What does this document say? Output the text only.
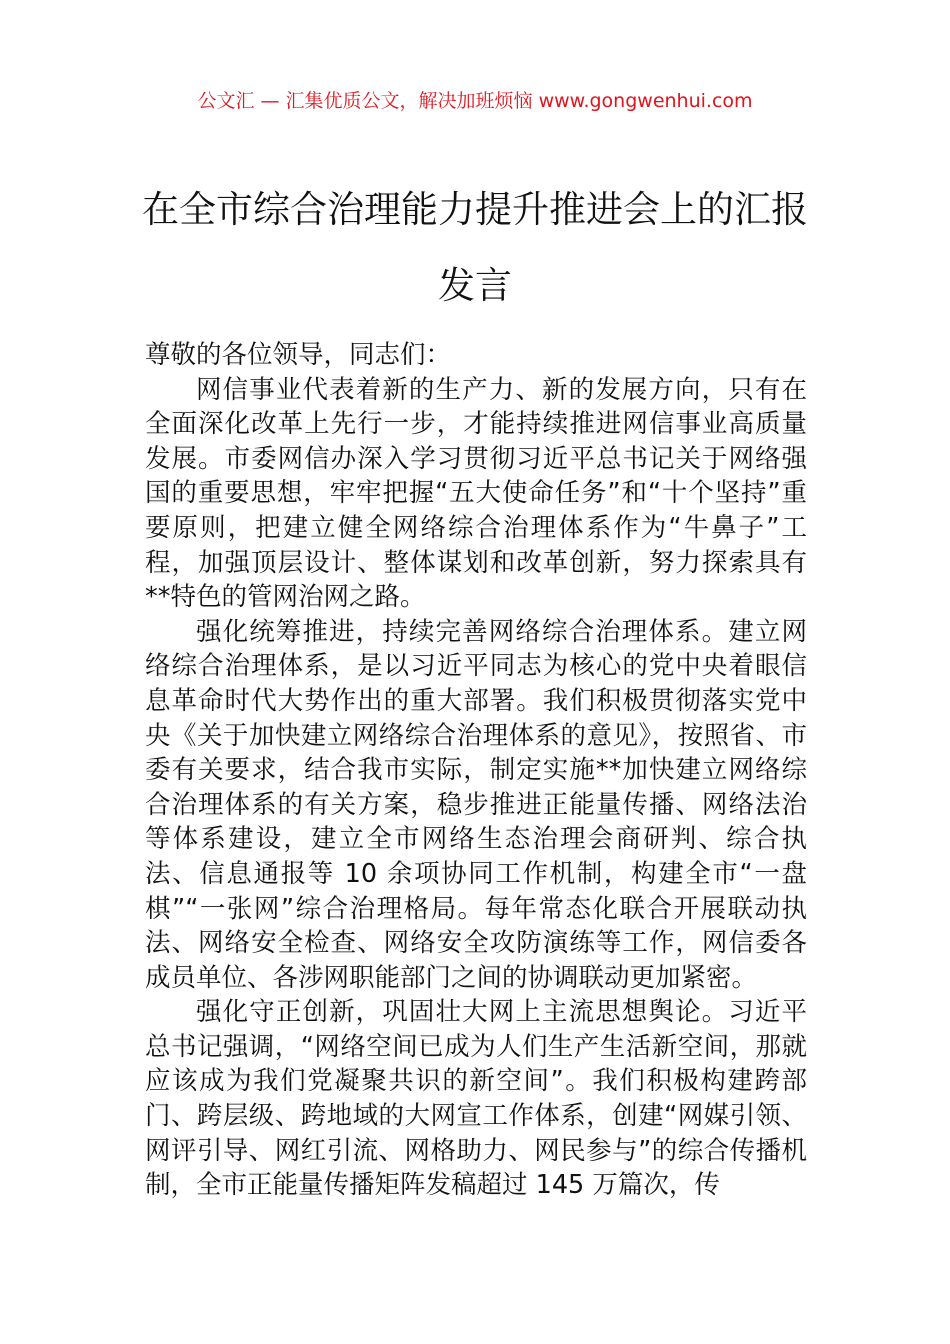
公文汇 — 汇集优质公文，解决加班烦恼 www.gongwenhui.com
在全市综合治理能力提升推进会上的汇报
发言

尊敬的各位领导，同志们：

网信事业代表着新的生产力、新的发展方向，只有在全面深化改革上先行一步，才能持续推进网信事业高质量发展。市委网信办深入学习贯彻习近平总书记关于网络强国的重要思想，牢牢把握“五大使命任务”和“十个坚持”重要原则，把建立健全网络综合治理体系作为“牛鼻子”工程，加强顶层设计、整体谋划和改革创新，努力探索具有**特色的管网治网之路。

强化统筹推进，持续完善网络综合治理体系。建立网络综合治理体系，是以习近平同志为核心的党中央着眼信息革命时代大势作出的重大部署。我们积极贯彻落实党中央《关于加快建立网络综合治理体系的意见》，按照省、市委有关要求，结合我市实际，制定实施**加快建立网络综合治理体系的有关方案，稳步推进正能量传播、网络法治等体系建设，建立全市网络生态治理会商研判、综合执法、信息通报等 10 余项协同工作机制，构建全市“一盘棋”“一张网”综合治理格局。每年常态化联合开展联动执法、网络安全检查、网络安全攻防演练等工作，网信委各成员单位、各涉网职能部门之间的协调联动更加紧密。

强化守正创新，巩固壮大网上主流思想舆论。习近平总书记强调，“网络空间已成为人们生产生活新空间，那就应该成为我们党凝聚共识的新空间”。我们积极构建跨部门、跨层级、跨地域的大网宣工作体系，创建“网媒引领、网评引导、网红引流、网格助力、网民参与”的综合传播机制，全市正能量传播矩阵发稿超过 145 万篇次，传
